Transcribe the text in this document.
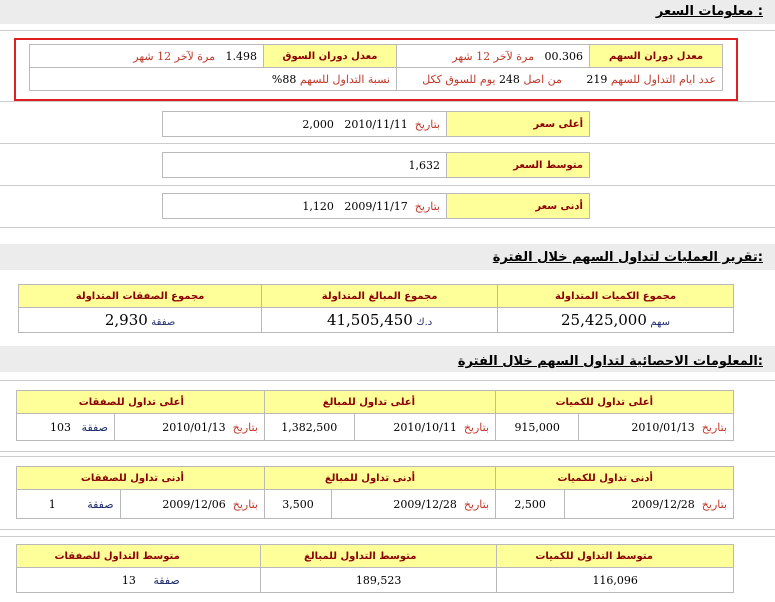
معلومات السعر :
معدل دوران السهم	00.306   مرة لآخر 12 شهر	معدل دوران السوق	1.498   مرة لآخر 12 شهر
عدد ايام التداول للسهم 219       من اصل 248 يوم للسوق ككل		نسبة التداول للسهم 88%	
أعلى سعر	بتاريخ  2010/11/11   2,000
متوسط السعر	1,632
أدنى سعر	بتاريخ  2009/11/17   1,120
تقرير العمليات لتداول السهم خلال الفترة:
مجموع الكميات المتداولة	مجموع المبالغ المتداولة	مجموع الصفقات المتداولة
سهم 25,425,000	د.ك 41,505,450	صفقة 2,930
المعلومات الاحصائية لتداول السهم خلال الفترة:
أعلى تداول للكميات		أعلى تداول للمبالغ		أعلى تداول للصفقات	
بتاريخ  2010/01/13	915,000	بتاريخ  2010/10/11	1,382,500	بتاريخ  2010/01/13	صفقة   103
أدنى تداول للكميات		أدنى تداول للمبالغ		أدنى تداول للصفقات	
بتاريخ  2009/12/28	2,500	بتاريخ  2009/12/28	3,500	بتاريخ  2009/12/06	صفقة         1
متوسط التداول للكميات	متوسط التداول للمبالغ	متوسط التداول للصفقات
116,096	189,523	صفقة     13
